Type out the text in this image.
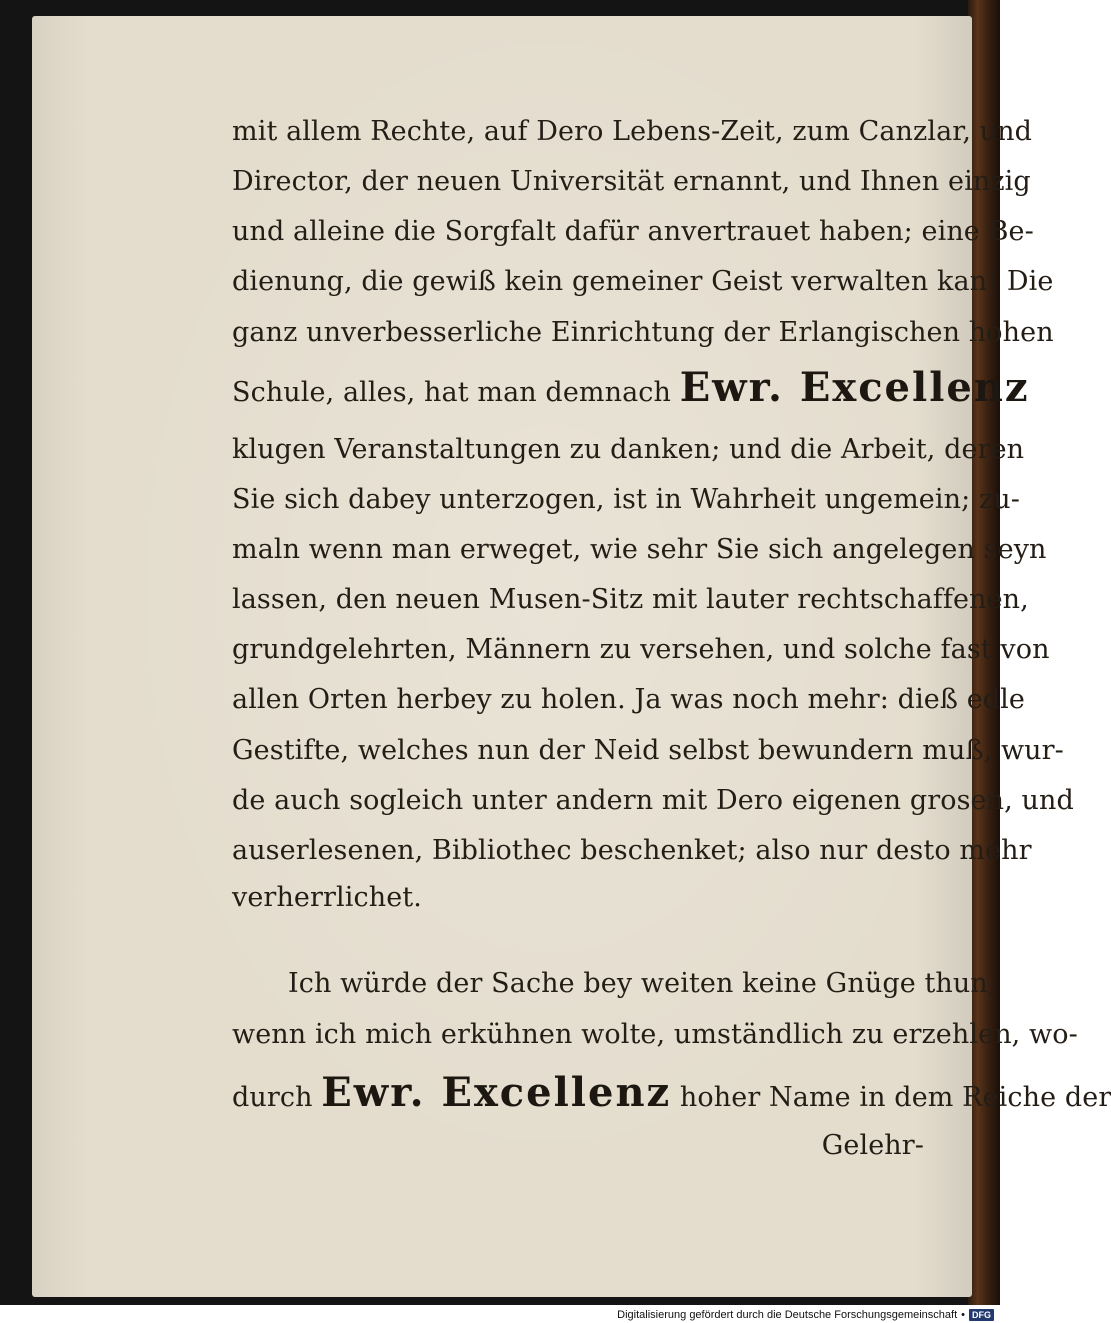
mit allem Rechte, auf Dero Lebens-Zeit, zum Canzlar, und
Director, der neuen Universität ernannt, und Ihnen einzig
und alleine die Sorgfalt dafür anvertrauet haben; eine Be-
dienung, die gewiß kein gemeiner Geist verwalten kan! Die
ganz unverbesserliche Einrichtung der Erlangischen hohen
Schule, alles, hat man demnach Ewr. Excellenz
klugen Veranstaltungen zu danken; und die Arbeit, deren
Sie sich dabey unterzogen, ist in Wahrheit ungemein; zu-
maln wenn man erweget, wie sehr Sie sich angelegen seyn
lassen, den neuen Musen-Sitz mit lauter rechtschaffenen,
grundgelehrten, Männern zu versehen, und solche fast von
allen Orten herbey zu holen. Ja was noch mehr: dieß edle
Gestifte, welches nun der Neid selbst bewundern muß, wur-
de auch sogleich unter andern mit Dero eigenen grosen, und
auserlesenen, Bibliothec beschenket; also nur desto mehr
verherrlichet.
Ich würde der Sache bey weiten keine Gnüge thun,
wenn ich mich erkühnen wolte, umständlich zu erzehlen, wo-
durch Ewr. Excellenz hoher Name in dem Reiche der
Gelehr-
Digitalisierung gefördert durch die Deutsche Forschungsgemeinschaft • DFG
